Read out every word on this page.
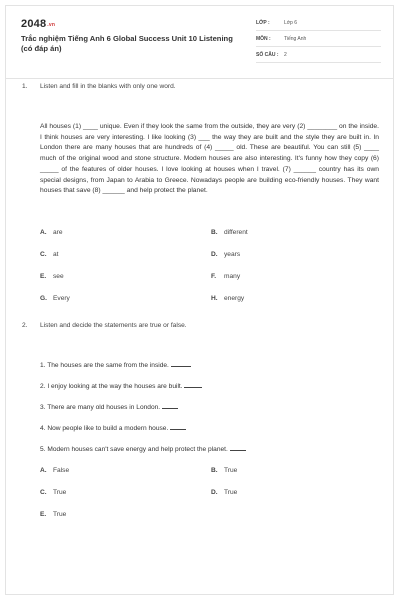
2048.vn
Trắc nghiệm Tiếng Anh 6 Global Success Unit 10 Listening (có đáp án)
LỚP :	Lớp 6
MÔN :	Tiếng Anh
SỐ CÂU : 2
1. Listen and fill in the blanks with only one word.
All houses (1) ____ unique. Even if they look the same from the outside, they are very (2) ________ on the inside. I think houses are very interesting. I like looking (3) ___ the way they are built and the style they are built in. In London there are many houses that are hundreds of (4) _____ old. These are beautiful. You can still (5) ____ much of the original wood and stone structure. Modern houses are also interesting. It's funny how they copy (6) _____ of the features of older houses. I love looking at houses when I travel. (7) ______ country has its own special designs, from Japan to Arabia to Greece. Nowadays people are building eco-friendly houses. They want houses that save (8) ______ and help protect the planet.
A. are	B. different
C. at	D. years
E. see	F. many
G. Every	H. energy
2. Listen and decide the statements are true or false.
1. The houses are the same from the inside.
2. I enjoy looking at the way the houses are built.
3. There are many old houses in London.
4. Now people like to build a modern house.
5. Modern houses can't save energy and help protect the planet.
A. False	B. True
C. True	D. True
E. True
